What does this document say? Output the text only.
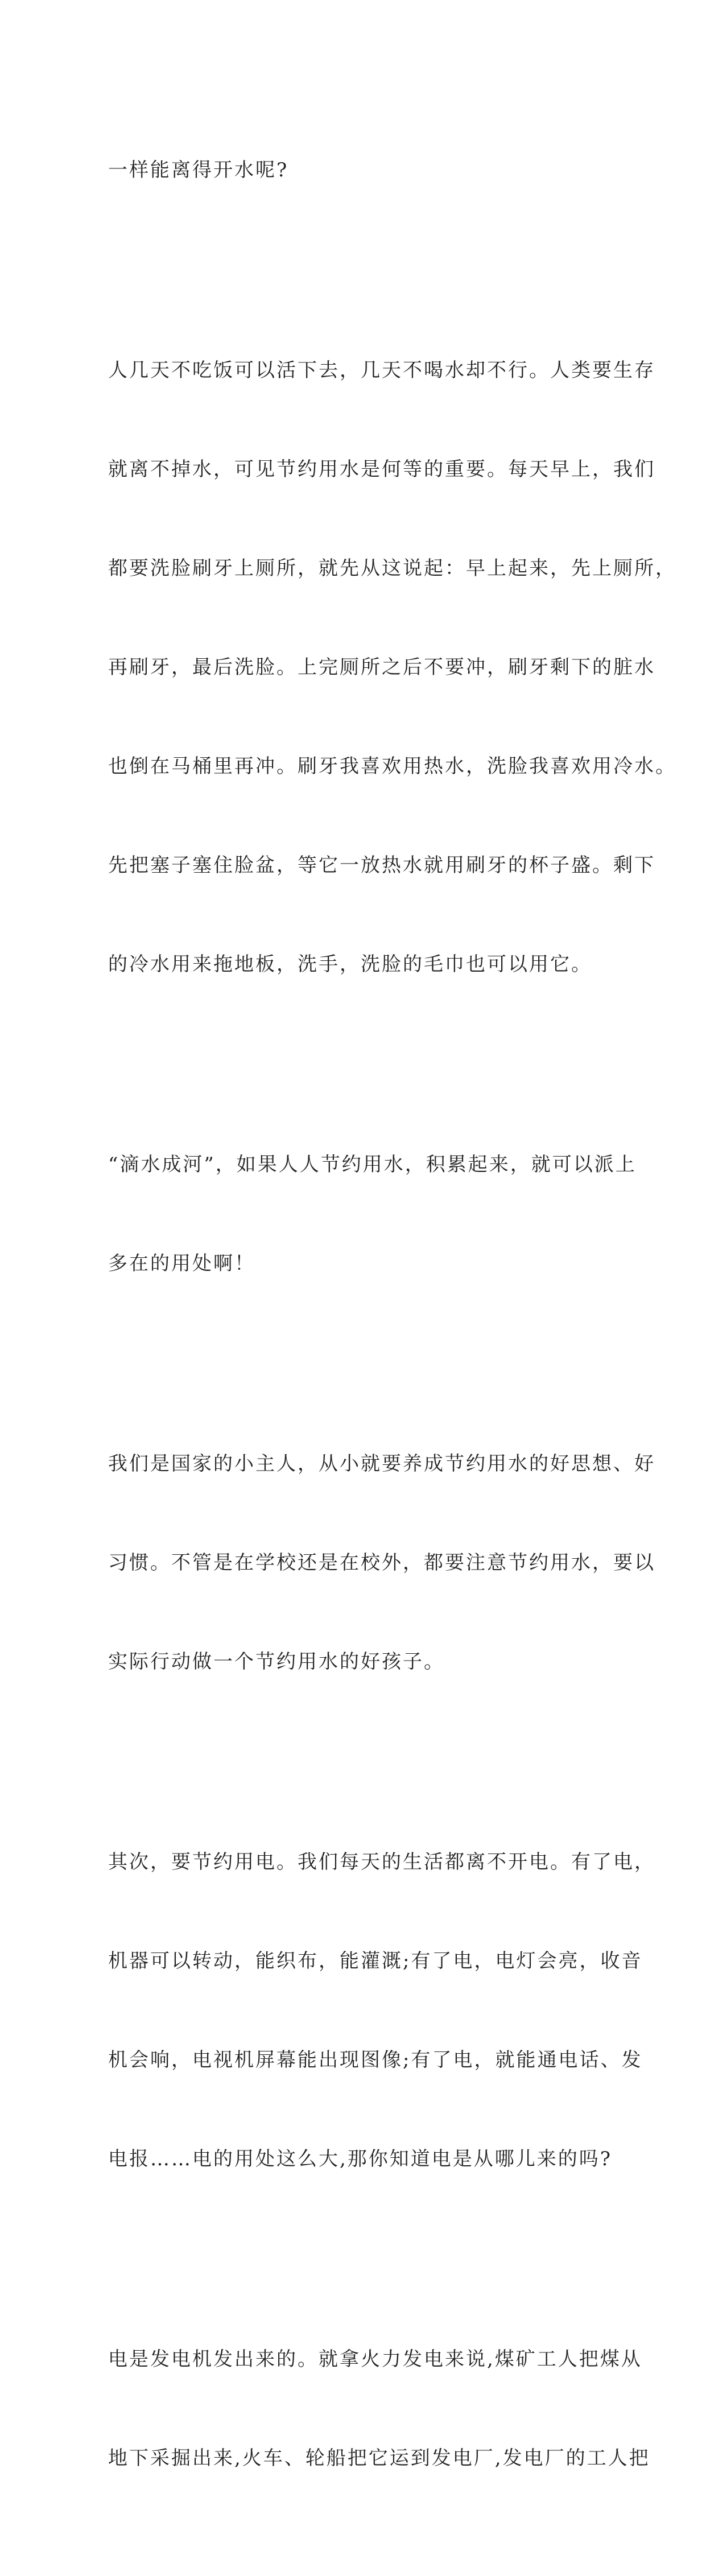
一样能离得开水呢?

人几天不吃饭可以活下去，几天不喝水却不行。人类要生存

就离不掉水，可见节约用水是何等的重要。每天早上，我们

都要洗脸刷牙上厕所，就先从这说起：早上起来，先上厕所，

再刷牙，最后洗脸。上完厕所之后不要冲，刷牙剩下的脏水

也倒在马桶里再冲。刷牙我喜欢用热水，洗脸我喜欢用冷水。

先把塞子塞住脸盆，等它一放热水就用刷牙的杯子盛。剩下

的冷水用来拖地板，洗手，洗脸的毛巾也可以用它。

“滴水成河”，如果人人节约用水，积累起来，就可以派上

多在的用处啊！

我们是国家的小主人，从小就要养成节约用水的好思想、好

习惯。不管是在学校还是在校外，都要注意节约用水，要以

实际行动做一个节约用水的好孩子。

其次，要节约用电。我们每天的生活都离不开电。有了电，

机器可以转动，能织布，能灌溉;有了电，电灯会亮，收音

机会响，电视机屏幕能出现图像;有了电，就能通电话、发

电报……电的用处这么大,那你知道电是从哪儿来的吗?

电是发电机发出来的。就拿火力发电来说,煤矿工人把煤从

地下采掘出来,火车、轮船把它运到发电厂,发电厂的工人把
